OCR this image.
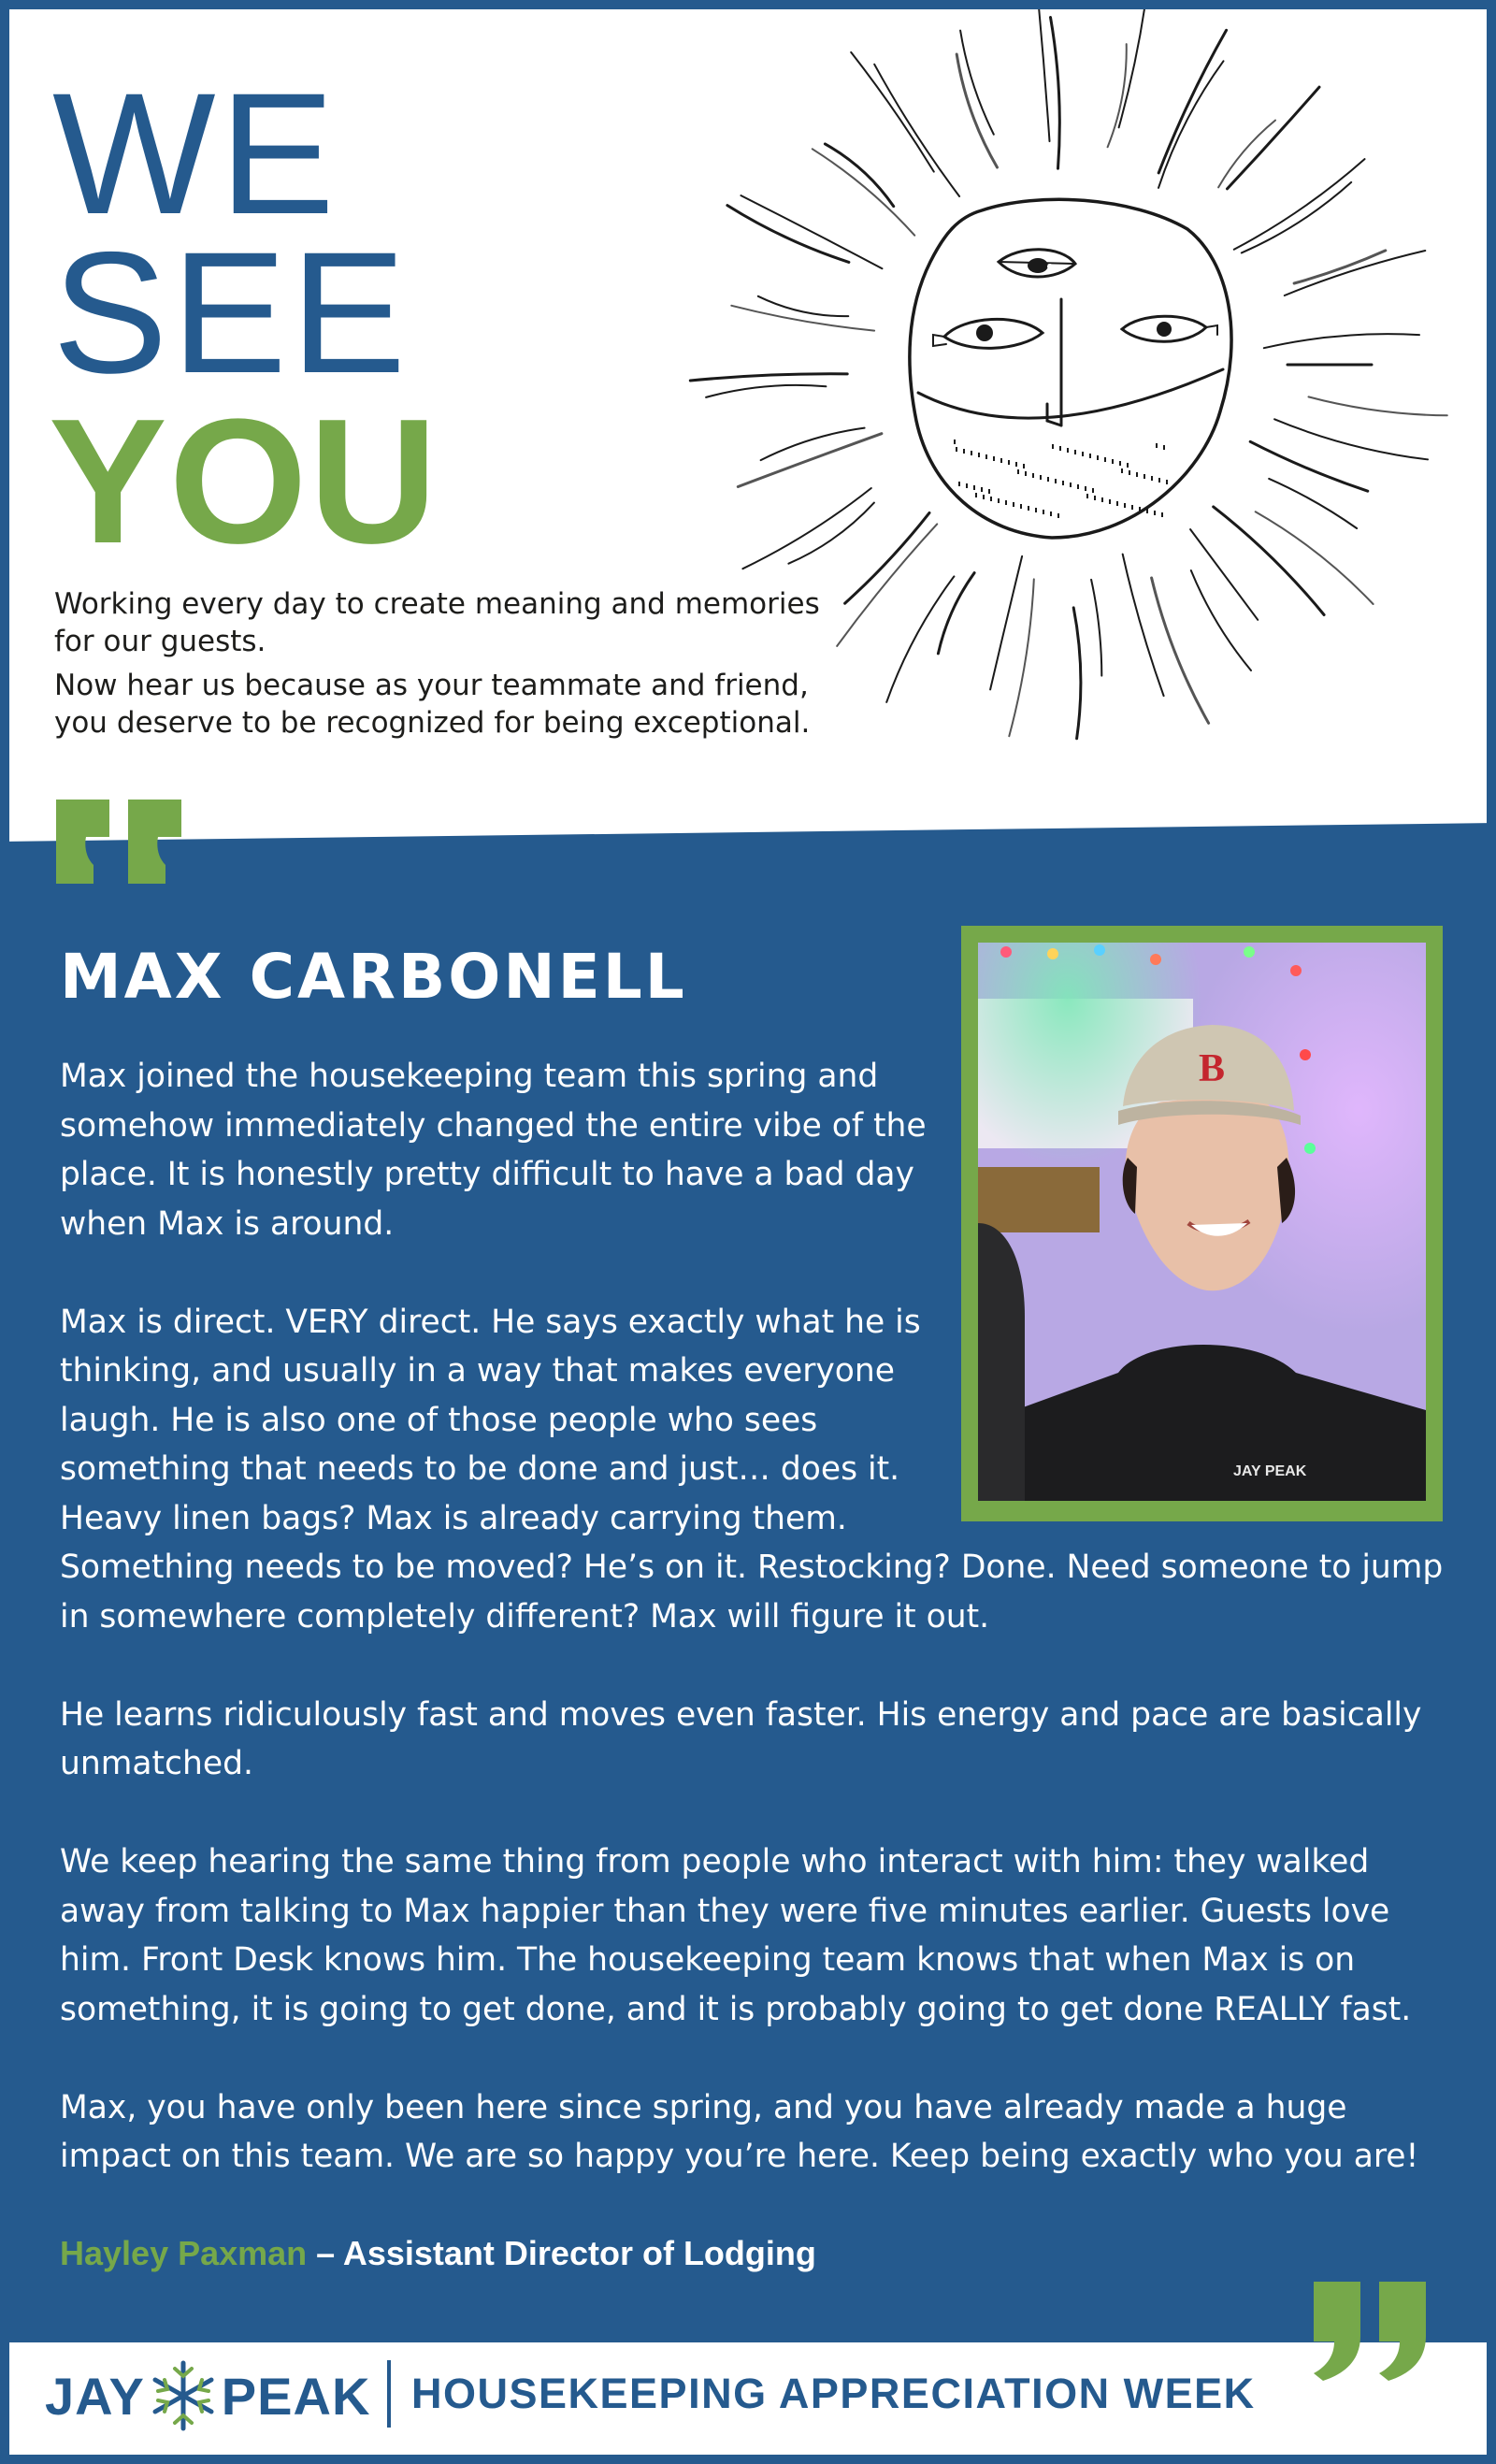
WE
SEE
YOU

Working every day to create meaning and memories for our guests.

Now hear us because as your teammate and friend, you deserve to be recognized for being exceptional.

MAX CARBONELL
JAY PEAK
B

Max joined the housekeeping team this spring and somehow immediately changed the entire vibe of the place. It is honestly pretty difficult to have a bad day when Max is around.

Max is direct. VERY direct. He says exactly what he is thinking, and usually in a way that makes everyone laugh. He is also one of those people who sees something that needs to be done and just… does it. Heavy linen bags? Max is already carrying them. Something needs to be moved? He’s on it. Restocking? Done. Need someone to jump in somewhere completely different? Max will figure it out.

He learns ridiculously fast and moves even faster. His energy and pace are basically unmatched.

We keep hearing the same thing from people who interact with him: they walked away from talking to Max happier than they were five minutes earlier. Guests love him. Front Desk knows him. The housekeeping team knows that when Max is on something, it is going to get done, and it is probably going to get done REALLY fast.

Max, you have only been here since spring, and you have already made a huge impact on this team. We are so happy you’re here. Keep being exactly who you are!

Hayley Paxman – Assistant Director of Lodging
JAY PEAK HOUSEKEEPING APPRECIATION WEEK
